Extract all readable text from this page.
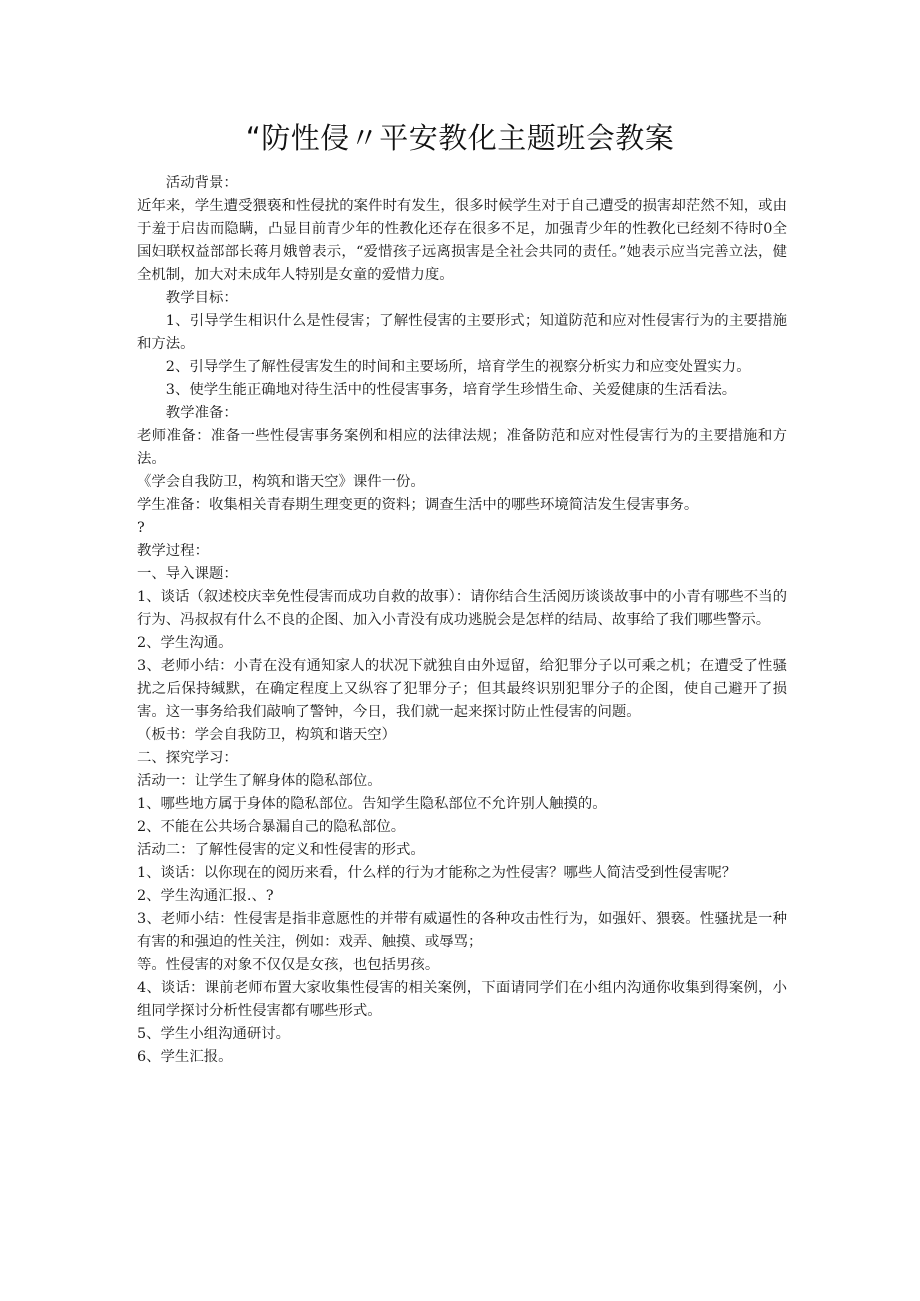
“防性侵〃平安教化主题班会教案

活动背景：

近年来，学生遭受猥亵和性侵扰的案件时有发生，很多时候学生对于自己遭受的损害却茫然不知，或由于羞于启齿而隐瞒，凸显目前青少年的性教化还存在很多不足，加强青少年的性教化已经刻不待时0全国妇联权益部部长蒋月娥曾表示，“爱惜孩子远离损害是全社会共同的责任。”她表示应当完善立法，健全机制，加大对未成年人特别是女童的爱惜力度。

教学目标：

1、引导学生相识什么是性侵害；了解性侵害的主要形式；知道防范和应对性侵害行为的主要措施和方法。

2、引导学生了解性侵害发生的时间和主要场所，培育学生的视察分析实力和应变处置实力。

3、使学生能正确地对待生活中的性侵害事务，培育学生珍惜生命、关爱健康的生活看法。

教学准备：

老师准备：准备一些性侵害事务案例和相应的法律法规；准备防范和应对性侵害行为的主要措施和方法。

《学会自我防卫，构筑和谐天空》课件一份。

学生准备：收集相关青春期生理变更的资料；调查生活中的哪些环境简洁发生侵害事务。

?

教学过程：

一、导入课题：

1、谈话（叙述校庆幸免性侵害而成功自救的故事）：请你结合生活阅历谈谈故事中的小青有哪些不当的行为、冯叔叔有什么不良的企图、加入小青没有成功逃脱会是怎样的结局、故事给了我们哪些警示。

2、学生沟通。

3、老师小结：小青在没有通知家人的状况下就独自由外逗留，给犯罪分子以可乘之机；在遭受了性骚扰之后保持缄默，在确定程度上又纵容了犯罪分子；但其最终识别犯罪分子的企图，使自己避开了损害。这一事务给我们敲响了警钟，今日，我们就一起来探讨防止性侵害的问题。

（板书：学会自我防卫，构筑和谐天空）

二、探究学习：

活动一：让学生了解身体的隐私部位。

1、哪些地方属于身体的隐私部位。告知学生隐私部位不允许别人触摸的。

2、不能在公共场合暴漏自己的隐私部位。

活动二：了解性侵害的定义和性侵害的形式。

1、谈话：以你现在的阅历来看，什么样的行为才能称之为性侵害？哪些人简洁受到性侵害呢？

2、学生沟通汇报.、?

3、老师小结：性侵害是指非意愿性的并带有威逼性的各种攻击性行为，如强奸、猥亵。性骚扰是一种有害的和强迫的性关注，例如：戏弄、触摸、或辱骂；

等。性侵害的对象不仅仅是女孩，也包括男孩。

4、谈话：课前老师布置大家收集性侵害的相关案例，下面请同学们在小组内沟通你收集到得案例，小组同学探讨分析性侵害都有哪些形式。

5、学生小组沟通研讨。

6、学生汇报。
